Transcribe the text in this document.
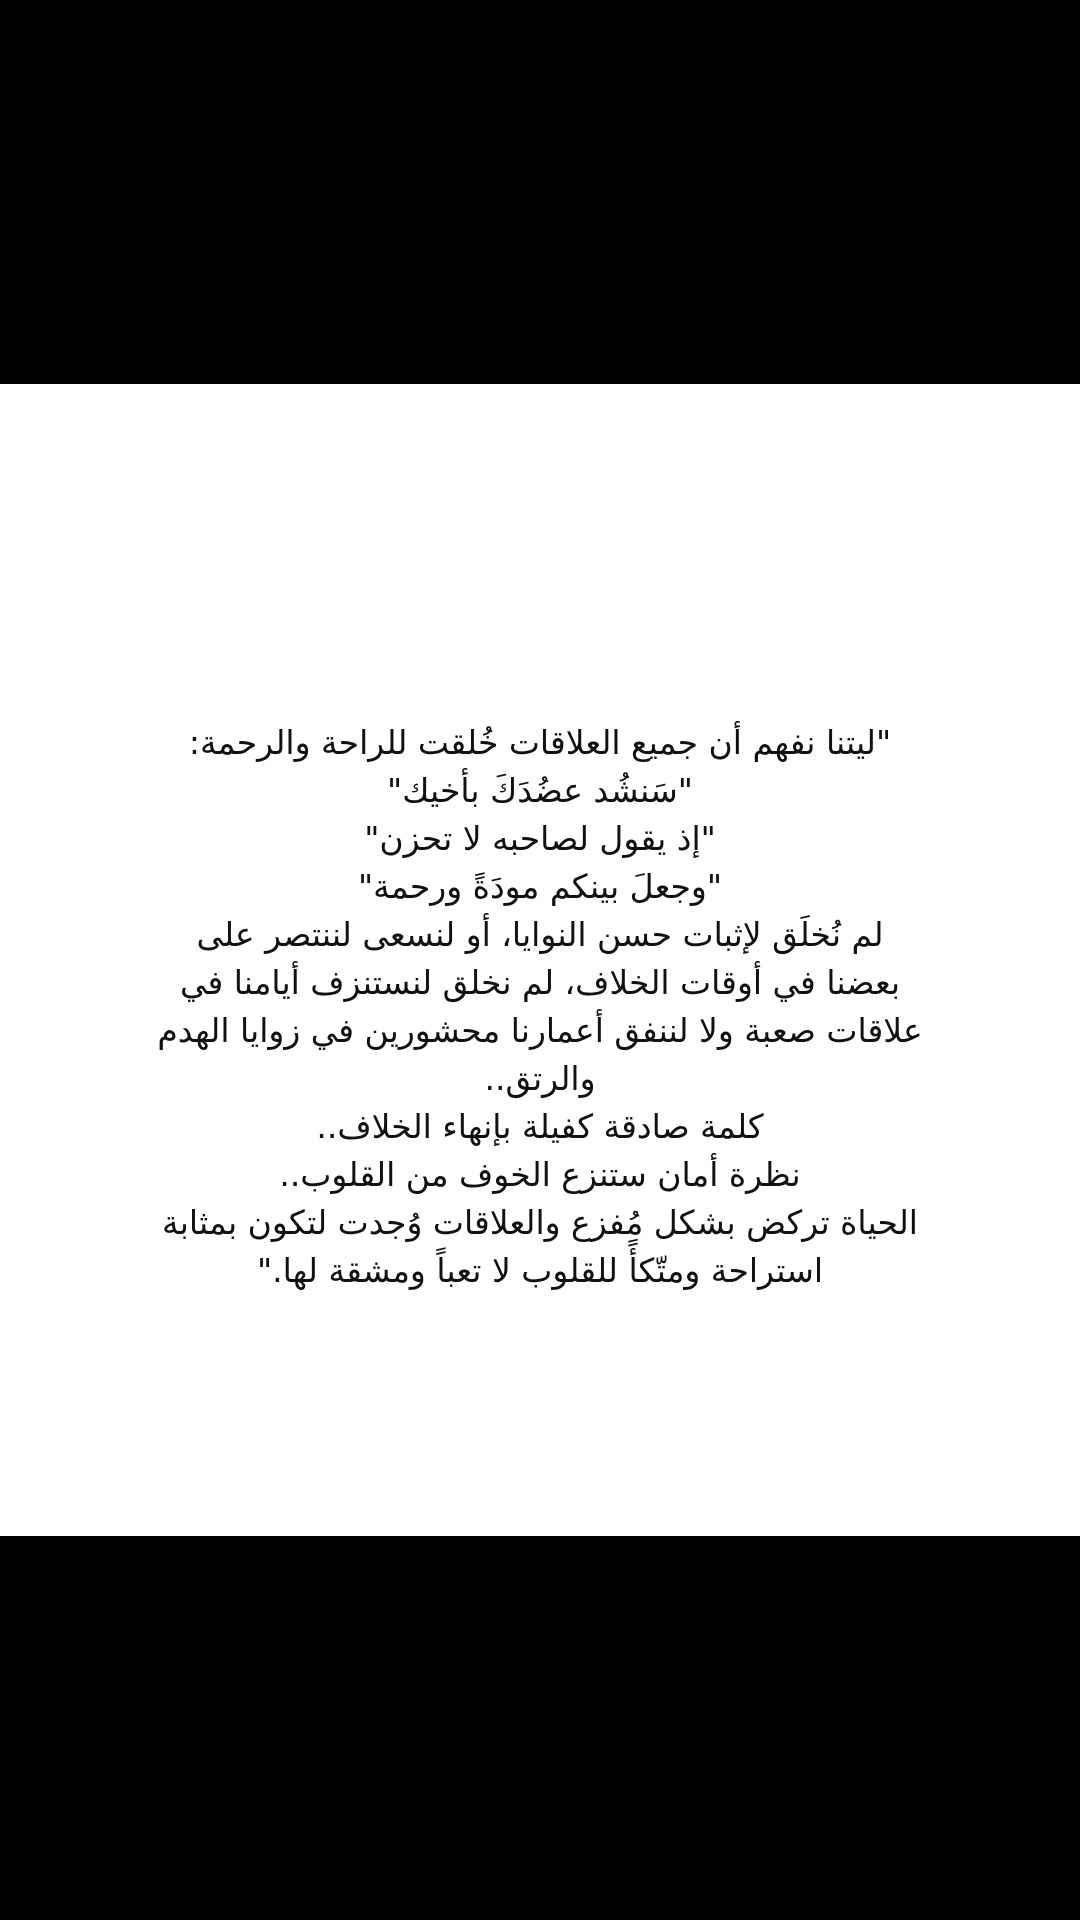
"ليتنا نفهم أن جميع العلاقات خُلقت للراحة والرحمة:
"سَنشُد عضُدَكَ بأخيك"
"إذ يقول لصاحبه لا تحزن"
"وجعلَ بينكم مودَةً ورحمة"
لم نُخلَق لإثبات حسن النوايا، أو لنسعى لننتصر على
بعضنا في أوقات الخلاف، لم نخلق لنستنزف أيامنا في
علاقات صعبة ولا لننفق أعمارنا محشورين في زوايا الهدم
والرتق..
كلمة صادقة كفيلة بإنهاء الخلاف..
نظرة أمان ستنزع الخوف من القلوب..
الحياة تركض بشكل مُفزع والعلاقات وُجدت لتكون بمثابة
استراحة ومتّكأً للقلوب لا تعباً ومشقة لها."
